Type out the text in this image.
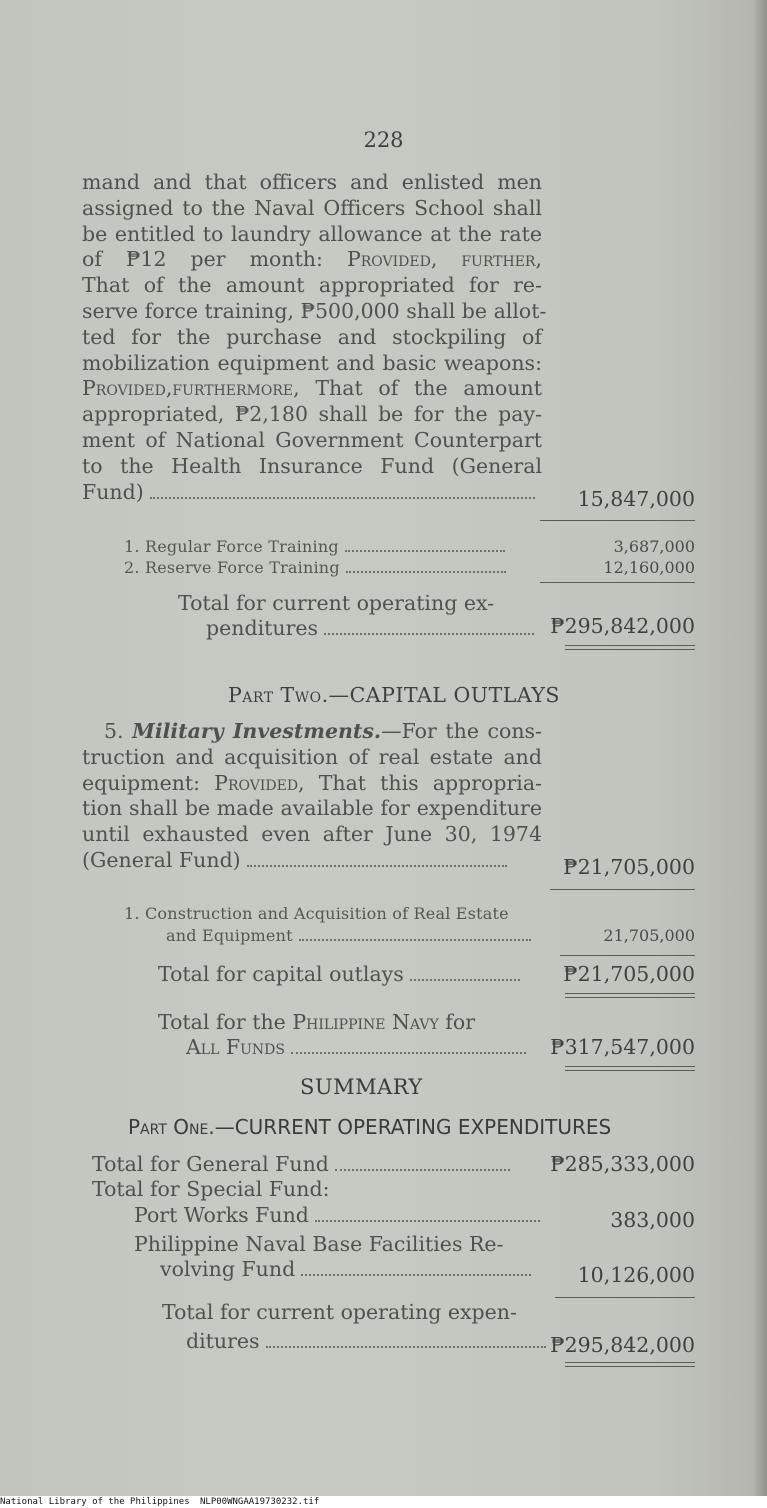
228
mand and that officers and enlisted men
assigned to the Naval Officers School shall
be entitled to laundry allowance at the rate
of ₱12 per month: Provided, further,
That of the amount appropriated for re-
serve force training, ₱500,000 shall be allot-
ted for the purchase and stockpiling of
mobilization equipment and basic weapons:
Provided,furthermore, That of the amount
appropriated, ₱2,180 shall be for the pay-
ment of National Government Counterpart
to the Health Insurance Fund (General
Fund)	15,847,000
1. Regular Force Training	3,687,000
2. Reserve Force Training	12,160,000
Total for current operating ex-
penditures	₱295,842,000
Part Two.—CAPITAL OUTLAYS
5. Military Investments.—For the cons-
truction and acquisition of real estate and
equipment: Provided, That this appropria-
tion shall be made available for expenditure
until exhausted even after June 30, 1974
(General Fund)	₱21,705,000
1. Construction and Acquisition of Real Estate
and Equipment	21,705,000
Total for capital outlays	₱21,705,000
Total for the Philippine Navy for
All Funds	₱317,547,000
SUMMARY
Part One.—CURRENT OPERATING EXPENDITURES
Total for General Fund	₱285,333,000
Total for Special Fund:
Port Works Fund	383,000
Philippine Naval Base Facilities Re-
volving Fund	10,126,000
Total for current operating expen-
ditures	₱295,842,000
National Library of the Philippines NLP00WNGAA19730232.tif
